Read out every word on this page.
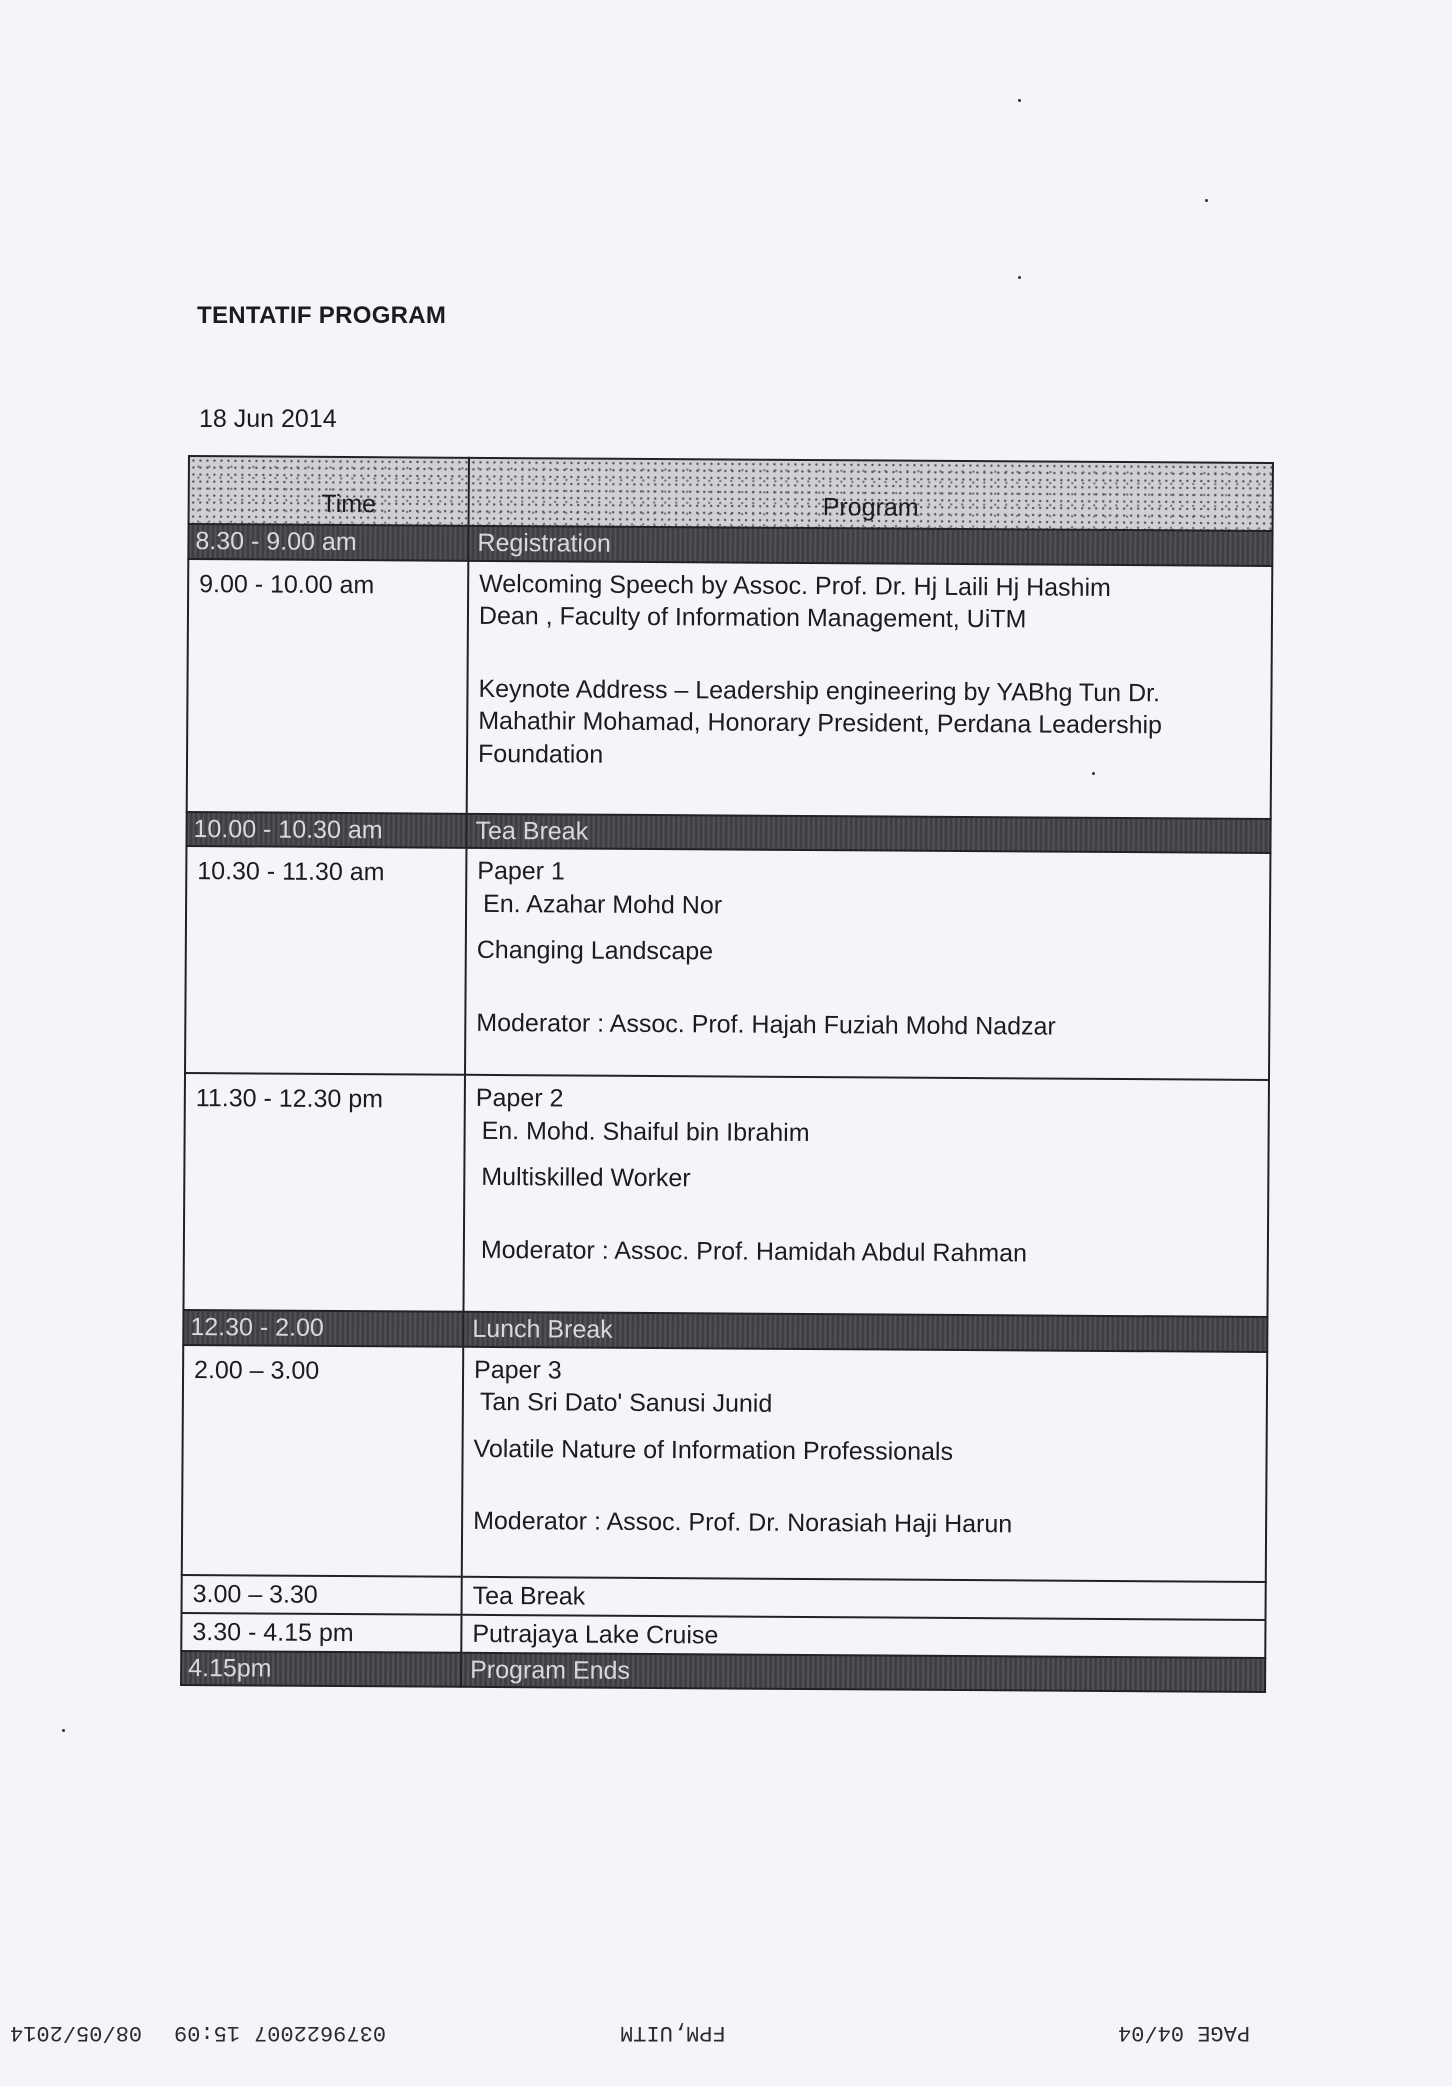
TENTATIF PROGRAM
18 Jun 2014
Time	Program
8.30 - 9.00 am	Registration
9.00 - 10.00 am	Welcoming Speech by Assoc. Prof. Dr. Hj Laili Hj Hashim

Dean , Faculty of Information Management, UiTM

Keynote Address – Leadership engineering by YABhg Tun Dr. Mahathir Mohamad, Honorary President, Perdana Leadership Foundation

10.00 - 10.30 am	Tea Break
10.30 - 11.30 am	Paper 1

En. Azahar Mohd Nor

Changing Landscape

Moderator : Assoc. Prof. Hajah Fuziah Mohd Nadzar

11.30 - 12.30 pm	Paper 2

En. Mohd. Shaiful bin Ibrahim

Multiskilled Worker

Moderator : Assoc. Prof. Hamidah Abdul Rahman

12.30 - 2.00	Lunch Break
2.00 – 3.00	Paper 3

Tan Sri Dato' Sanusi Junid

Volatile Nature of Information Professionals

Moderator : Assoc. Prof. Dr. Norasiah Haji Harun

3.00 – 3.30	Tea Break
3.30 - 4.15 pm	Putrajaya Lake Cruise
4.15pm	Program Ends
PAGE 04/04
FPM,UITM
0379622007
15:09
08/05/2014
